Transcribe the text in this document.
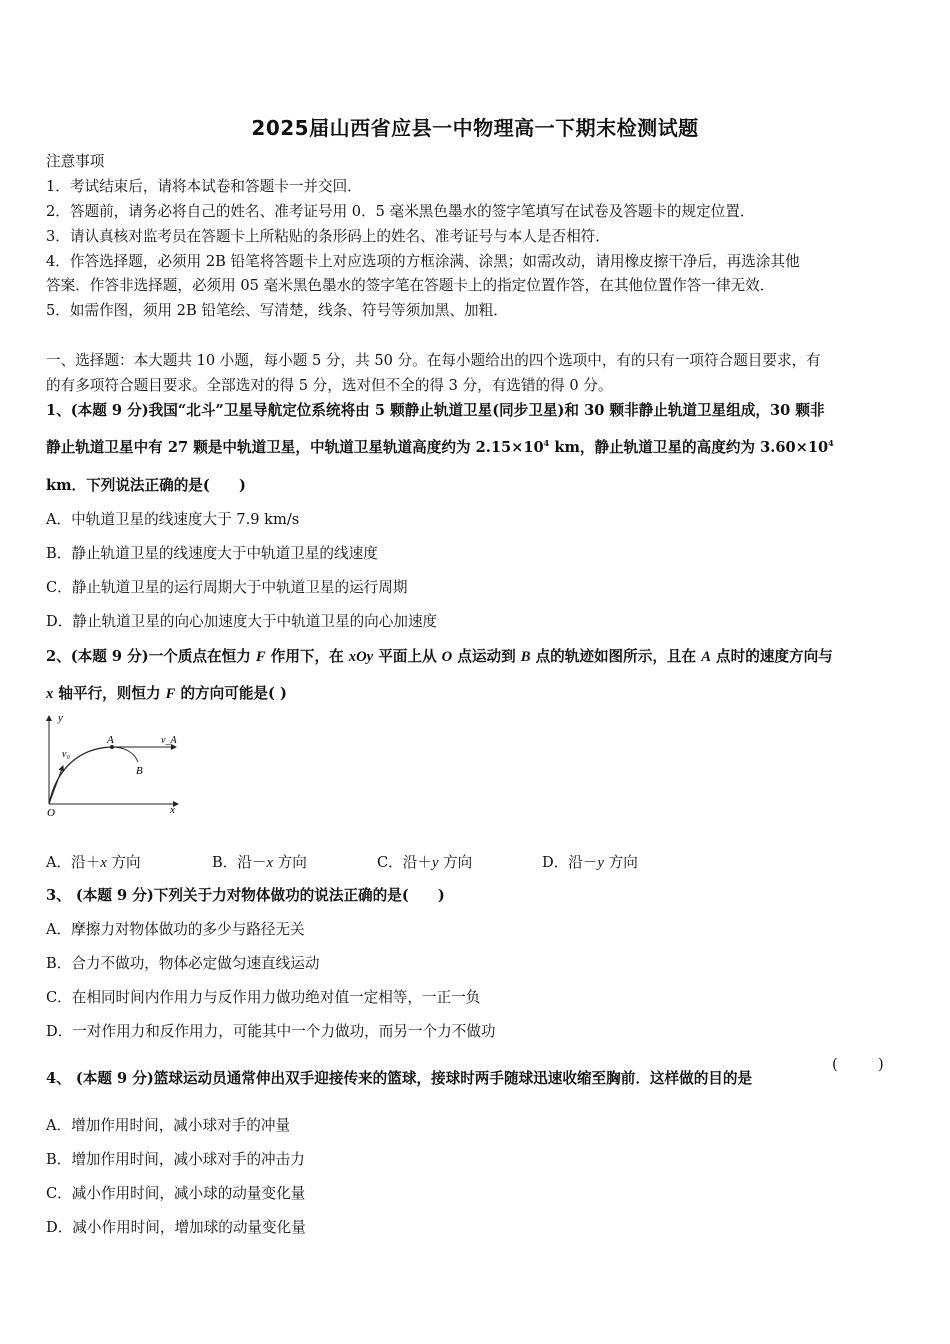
2025届山西省应县一中物理高一下期末检测试题
注意事项
1．考试结束后，请将本试卷和答题卡一并交回．
2．答题前，请务必将自己的姓名、准考证号用 0．5 毫米黑色墨水的签字笔填写在试卷及答题卡的规定位置．
3．请认真核对监考员在答题卡上所粘贴的条形码上的姓名、准考证号与本人是否相符．
4．作答选择题，必须用 2B 铅笔将答题卡上对应选项的方框涂满、涂黑；如需改动，请用橡皮擦干净后，再选涂其他
答案．作答非选择题，必须用 05 毫米黑色墨水的签字笔在答题卡上的指定位置作答，在其他位置作答一律无效．
5．如需作图，须用 2B 铅笔绘、写清楚，线条、符号等须加黑、加粗．
一、选择题：本大题共 10 小题，每小题 5 分，共 50 分。在每小题给出的四个选项中，有的只有一项符合题目要求，有
的有多项符合题目要求。全部选对的得 5 分，选对但不全的得 3 分，有选错的得 0 分。
1、(本题 9 分)我国“北斗”卫星导航定位系统将由 5 颗静止轨道卫星(同步卫星)和 30 颗非静止轨道卫星组成，30 颗非
静止轨道卫星中有 27 颗是中轨道卫星，中轨道卫星轨道高度约为 $2.15\times 10^4$ km，静止轨道卫星的高度约为 $3.60\times 10^4$
km．下列说法正确的是(　　)
A．中轨道卫星的线速度大于 7.9 km/s
B．静止轨道卫星的线速度大于中轨道卫星的线速度
C．静止轨道卫星的运行周期大于中轨道卫星的运行周期
D．静止轨道卫星的向心加速度大于中轨道卫星的向心加速度
2、(本题 9 分)一个质点在恒力 F 作用下，在 xOy 平面上从 O 点运动到 B 点的轨迹如图所示，且在 A 点时的速度方向与
x 轴平行，则恒力 F 的方向可能是( )
y
x
O
v₀
A
B
v_A
A．沿＋x 方向	B．沿－x 方向	C．沿＋y 方向	D．沿－y 方向
3、 (本题 9 分)下列关于力对物体做功的说法正确的是(　　)
A．摩擦力对物体做功的多少与路径无关
B．合力不做功，物体必定做匀速直线运动
C．在相同时间内作用力与反作用力做功绝对值一定相等，一正一负
D．一对作用力和反作用力，可能其中一个力做功，而另一个力不做功
4、 (本题 9 分)篮球运动员通常伸出双手迎接传来的篮球，接球时两手随球迅速收缩至胸前．这样做的目的是
(	)
A．增加作用时间，减小球对手的冲量
B．增加作用时间，减小球对手的冲击力
C．减小作用时间，减小球的动量变化量
D．减小作用时间，增加球的动量变化量
